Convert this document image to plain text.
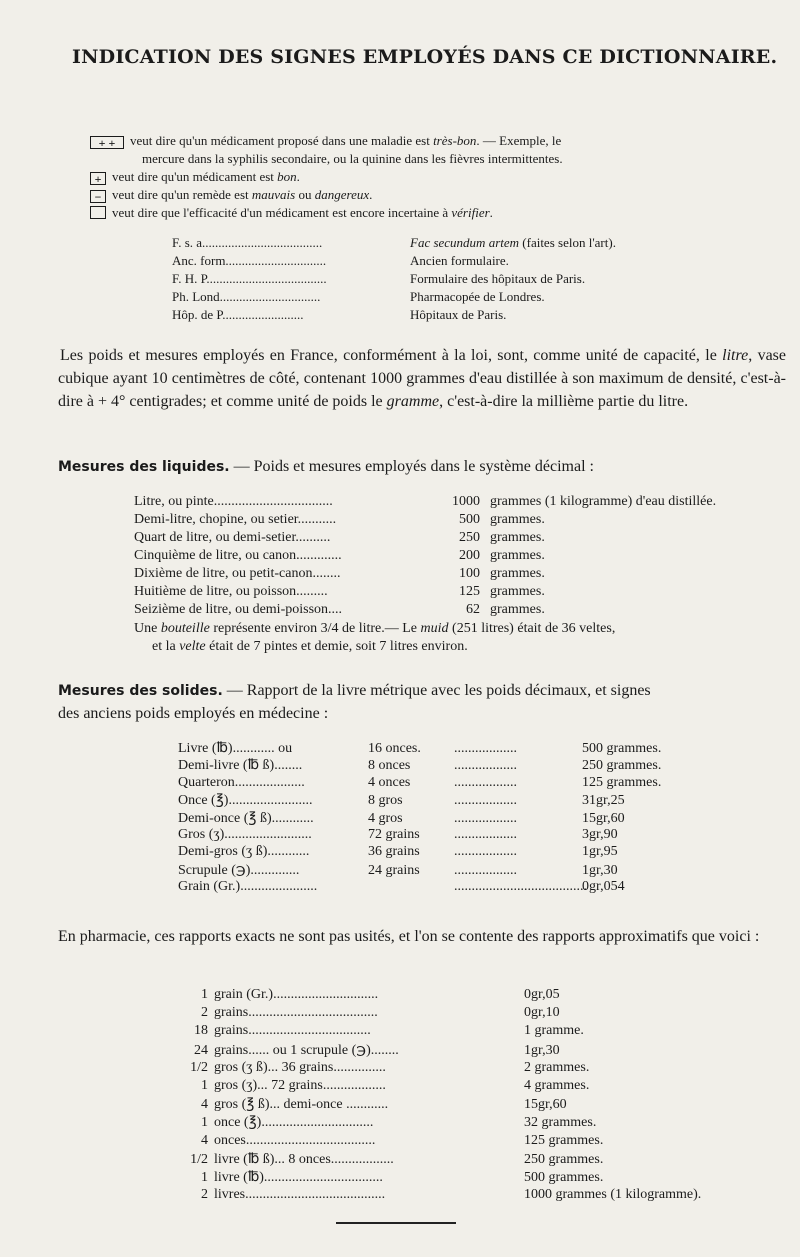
INDICATION DES SIGNES EMPLOYÉS DANS CE DICTIONNAIRE.
+ + veut dire qu'un médicament proposé dans une maladie est très-bon. — Exemple, le
mercure dans la syphilis secondaire, ou la quinine dans les fièvres intermittentes.
+ veut dire qu'un médicament est bon.
− veut dire qu'un remède est mauvais ou dangereux.
veut dire que l'efficacité d'un médicament est encore incertaine à vérifier.
F. s. a.....................................	Fac secundum artem (faites selon l'art).
Anc. form...............................	Ancien formulaire.
F. H. P.....................................	Formulaire des hôpitaux de Paris.
Ph. Lond...............................	Pharmacopée de Londres.
Hôp. de P.........................	Hôpitaux de Paris.
Les poids et mesures employés en France, conformément à la loi, sont, comme unité de capacité, le litre, vase cubique ayant 10 centimètres de côté, contenant 1000 grammes d'eau distillée à son maximum de densité, c'est-à-dire à + 4° centigrades; et comme unité de poids le gramme, c'est-à-dire la millième partie du litre.
Mesures des liquides. — Poids et mesures employés dans le système décimal :
Litre, ou pinte..................................	1000 grammes (1 kilogramme) d'eau distillée.
Demi-litre, chopine, ou setier...........	500 grammes.
Quart de litre, ou demi-setier..........	250 grammes.
Cinquième de litre, ou canon.............	200 grammes.
Dixième de litre, ou petit-canon........	100 grammes.
Huitième de litre, ou poisson.........	125 grammes.
Seizième de litre, ou demi-poisson....	62 grammes.
Une bouteille représente environ 3/4 de litre.— Le muid (251 litres) était de 36 veltes,
et la velte était de 7 pintes et demie, soit 7 litres environ.
Mesures des solides. — Rapport de la livre métrique avec les poids décimaux, et signes
des anciens poids employés en médecine :
Livre (℔)............ ou	16 onces. ..................	500 grammes.
Demi-livre (℔ ß)........	8 onces	..................	250 grammes.
Quarteron....................	4 onces	..................	125 grammes.
Once (℥)........................	8 gros	..................	31gr,25
Demi-once (℥ ß)............	4 gros	..................	15gr,60
Gros (ʒ).........................	72 grains ..................	3gr,90
Demi-gros (ʒ ß)............	36 grains ..................	1gr,95
Scrupule (℈)..............	24 grains ..................	1gr,30
Grain (Gr.)......................	......................................0gr,054
En pharmacie, ces rapports exacts ne sont pas usités, et l'on se contente des rapports approximatifs que voici :
1 grain (Gr.)..............................	0gr,05
2 grains.....................................	0gr,10
18 grains...................................	1 gramme.
24 grains...... ou 1 scrupule (℈)........	1gr,30
1/2 gros (ʒ ß)... 36 grains...............	2 grammes.
1 gros (ʒ)... 72 grains..................	4 grammes.
4 gros (℥ ß)... demi-once ............	15gr,60
1 once (℥)................................	32 grammes.
4 onces.....................................	125 grammes.
1/2 livre (℔ ß)... 8 onces..................	250 grammes.
1 livre (℔)..................................	500 grammes.
2 livres........................................	1000 grammes (1 kilogramme).
